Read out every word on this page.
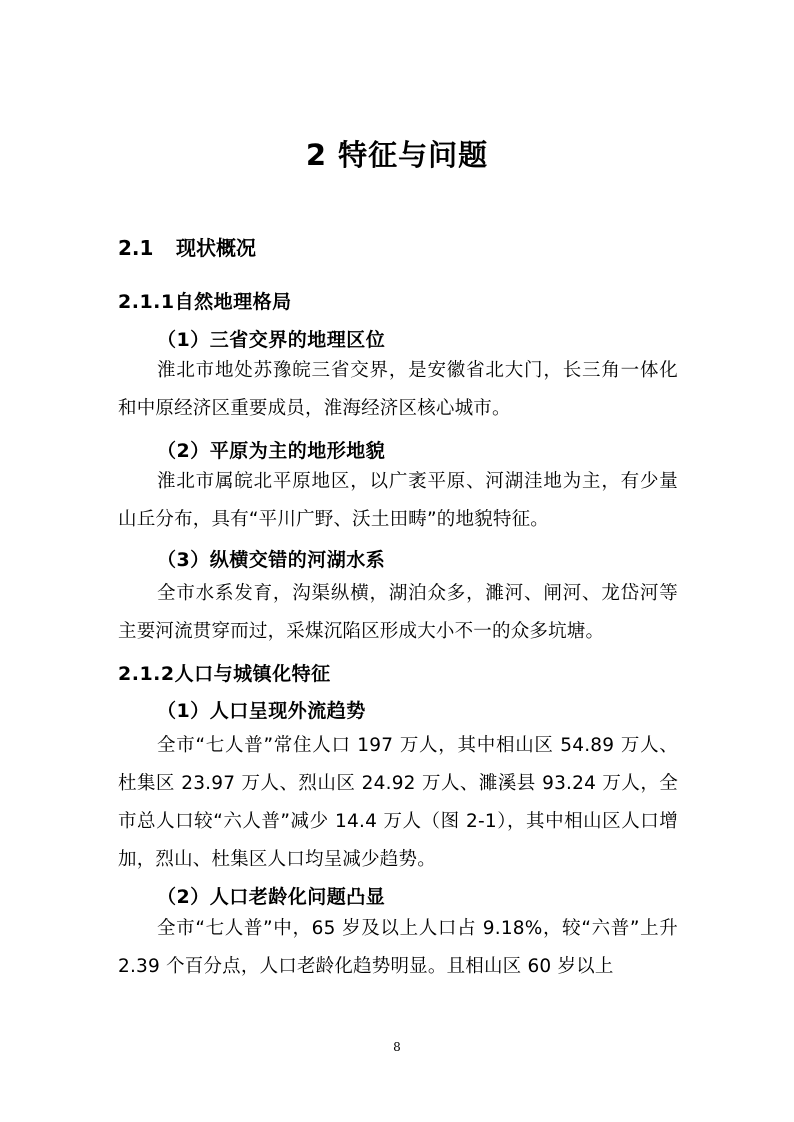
2 特征与问题
2.1 现状概况
2.1.1自然地理格局
（1）三省交界的地理区位
淮北市地处苏豫皖三省交界，是安徽省北大门，长三角一体化和中原经济区重要成员，淮海经济区核心城市。
（2）平原为主的地形地貌
淮北市属皖北平原地区，以广袤平原、河湖洼地为主，有少量山丘分布，具有“平川广野、沃土田畴”的地貌特征。
（3）纵横交错的河湖水系
全市水系发育，沟渠纵横，湖泊众多，濉河、闸河、龙岱河等主要河流贯穿而过，采煤沉陷区形成大小不一的众多坑塘。
2.1.2人口与城镇化特征
（1）人口呈现外流趋势
全市“七人普”常住人口 197 万人，其中相山区 54.89 万人、杜集区 23.97 万人、烈山区 24.92 万人、濉溪县 93.24 万人，全市总人口较“六人普”减少 14.4 万人（图 2-1），其中相山区人口增加，烈山、杜集区人口均呈减少趋势。
（2）人口老龄化问题凸显
全市“七人普”中，65 岁及以上人口占 9.18%，较“六普”上升 2.39 个百分点，人口老龄化趋势明显。且相山区 60 岁以上
8
